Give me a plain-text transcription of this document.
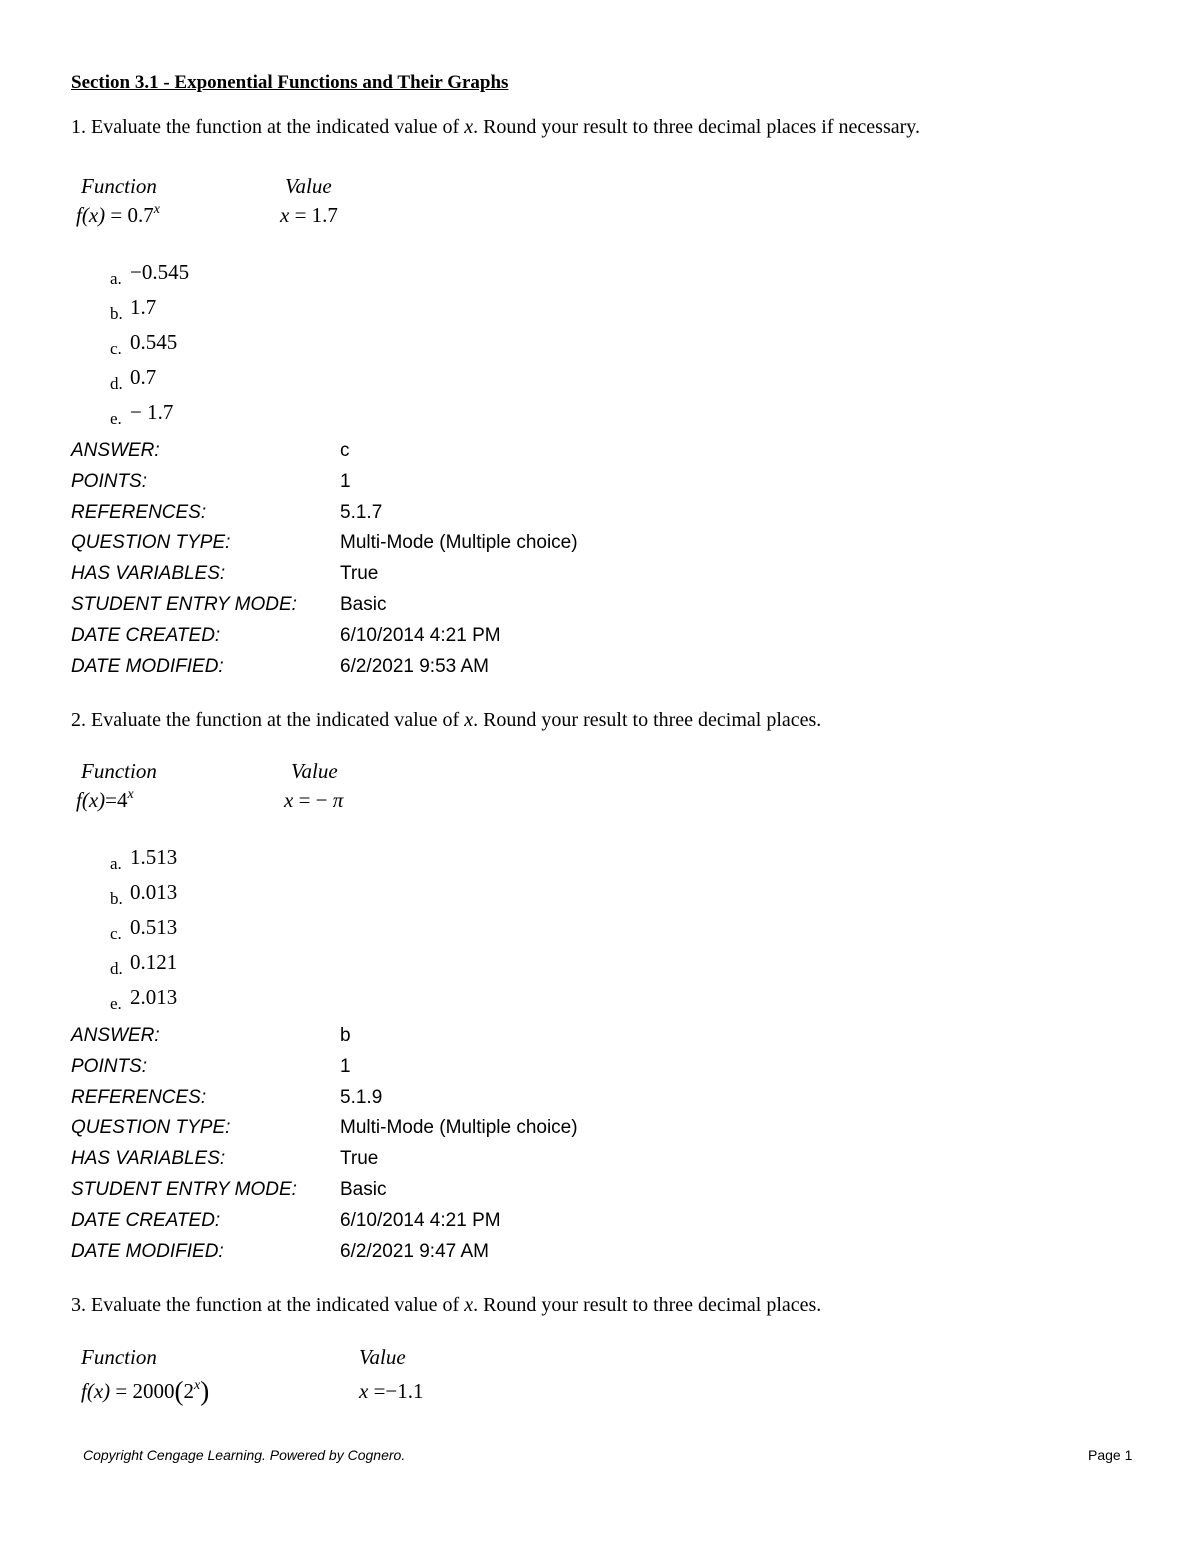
Section 3.1 - Exponential Functions and Their Graphs
1. Evaluate the function at the indicated value of x. Round your result to three decimal places if necessary.
Function	Value
$f(x) = 0.7^x$	x = 1.7
a. −0.545
b. 1.7
c. 0.545
d. 0.7
e. − 1.7
ANSWER:	c
POINTS:	1
REFERENCES:	5.1.7
QUESTION TYPE:	Multi-Mode (Multiple choice)
HAS VARIABLES:	True
STUDENT ENTRY MODE: Basic
DATE CREATED:	6/10/2014 4:21 PM
DATE MODIFIED:	6/2/2021 9:53 AM
2. Evaluate the function at the indicated value of x. Round your result to three decimal places.
Function	Value
$f(x)=4^x$	x = − π
a. 1.513
b. 0.013
c. 0.513
d. 0.121
e. 2.013
ANSWER:	b
POINTS:	1
REFERENCES:	5.1.9
QUESTION TYPE:	Multi-Mode (Multiple choice)
HAS VARIABLES:	True
STUDENT ENTRY MODE: Basic
DATE CREATED:	6/10/2014 4:21 PM
DATE MODIFIED:	6/2/2021 9:47 AM
3. Evaluate the function at the indicated value of x. Round your result to three decimal places.
Function	Value
$f(x) = 2000(2^x)$	x =−1.1
Copyright Cengage Learning. Powered by Cognero.	Page 1
